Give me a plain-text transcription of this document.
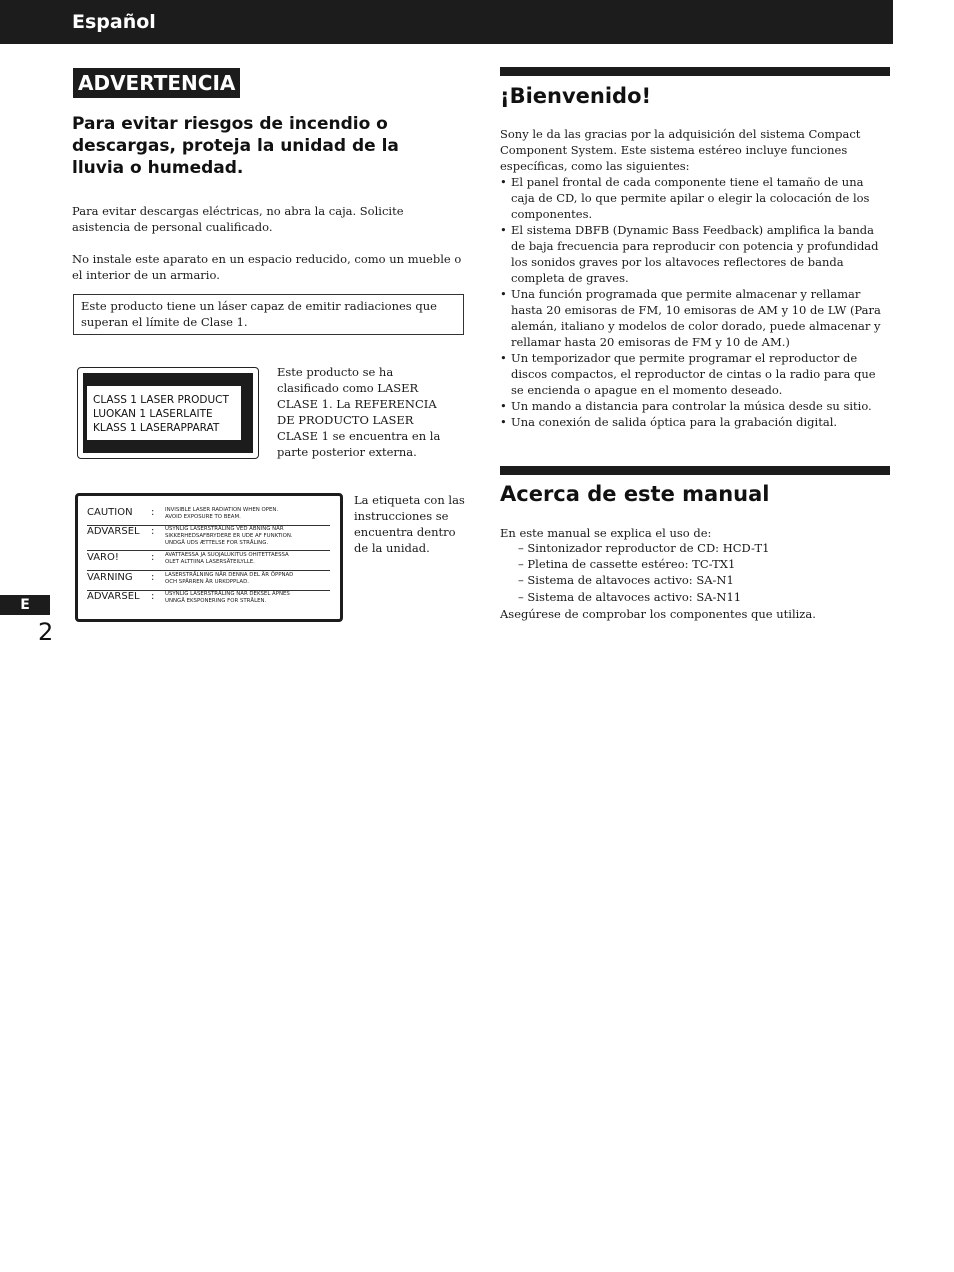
Español
ADVERTENCIA
Para evitar riesgos de incendio o descargas, proteja la unidad de la lluvia o humedad.

Para evitar descargas eléctricas, no abra la caja. Solicite asistencia de personal cualificado.

No instale este aparato en un espacio reducido, como un mueble o el interior de un armario.

Este producto tiene un láser capaz de emitir radiaciones que superan el límite de Clase 1.
CLASS 1 LASER PRODUCT
LUOKAN 1 LASERLAITE
KLASS 1 LASERAPPARAT

Este producto se ha clasificado como LASER CLASE 1. La REFERENCIA DE PRODUCTO LASER CLASE 1 se encuentra en la parte posterior externa.

CAUTION : INVISIBLE LASER RADIATION WHEN OPEN.
AVOID EXPOSURE TO BEAM.
ADVARSEL : USYNLIG LASERSTRÅLING VED ÅBNING NÅR
SIKKERHEDSAFBRYDERE ER UDE AF FUNKTION.
UNDGÅ UDS ÆTTELSE FOR STRÅLING.
VARO!	: AVATTAESSA JA SUOJALUKITUS OHITETTAESSA
OLET ALTTIINA LASERSÄTEILYLLE.
VARNING : LASERSTRÅLNING NÄR DENNA DEL ÄR ÖPPNAD
OCH SPÄRREN ÄR URKOPPLAD.
ADVARSEL : USYNLIG LASERSTRÅLING NÅR DEKSEL ÅPNES
UNNGÅ EKSPONERING FOR STRÅLEN.

La etiqueta con las instrucciones se encuentra dentro de la unidad.

E
2
¡Bienvenido!

Sony le da las gracias por la adquisición del sistema Compact Component System. Este sistema estéreo incluye funciones específicas, como las siguientes:

• El panel frontal de cada componente tiene el tamaño de una caja de CD, lo que permite apilar o elegir la colocación de los componentes.
• El sistema DBFB (Dynamic Bass Feedback) amplifica la banda de baja frecuencia para reproducir con potencia y profundidad los sonidos graves por los altavoces reflectores de banda completa de graves.
• Una función programada que permite almacenar y rellamar hasta 20 emisoras de FM, 10 emisoras de AM y 10 de LW (Para alemán, italiano y modelos de color dorado, puede almacenar y rellamar hasta 20 emisoras de FM y 10 de AM.)
• Un temporizador que permite programar el reproductor de discos compactos, el reproductor de cintas o la radio para que se encienda o apague en el momento deseado.
• Un mando a distancia para controlar la música desde su sitio.
• Una conexión de salida óptica para la grabación digital.
Acerca de este manual

En este manual se explica el uso de:

– Sintonizador reproductor de CD: HCD-T1
– Pletina de cassette estéreo: TC-TX1
– Sistema de altavoces activo: SA-N1
– Sistema de altavoces activo: SA-N11

Asegúrese de comprobar los componentes que utiliza.
